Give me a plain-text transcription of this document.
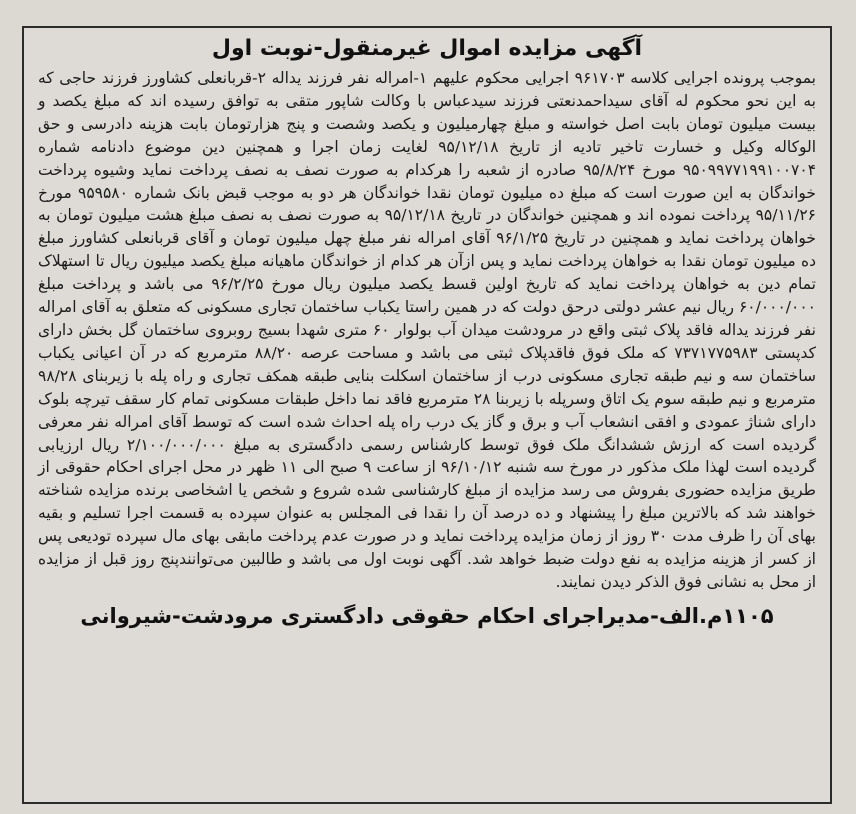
آگهی مزایده اموال غیرمنقول-نوبت اول

بموجب پرونده اجرایی کلاسه ۹۶۱۷۰۳ اجرایی محکوم علیهم ۱-امراله نفر فرزند یداله ۲-قربانعلی کشاورز فرزند حاجی که به این نحو محکوم له آقای سیداحمدنعتی فرزند سیدعباس با وکالت شاپور متقی به توافق رسیده اند که مبلغ یکصد و بیست میلیون تومان بابت اصل خواسته و مبلغ چهارمیلیون و یکصد وشصت و پنج هزارتومان بابت هزینه دادرسی و حق الوکاله وکیل و خسارت تاخیر تادیه از تاریخ ۹۵/۱۲/۱۸ لغایت زمان اجرا و همچنین دین موضوع دادنامه شماره ۹۵۰۹۹۷۷۱۹۹۱۰۰۷۰۴ مورخ ۹۵/۸/۲۴ صادره از شعبه را هرکدام به صورت نصف به نصف پرداخت نماید وشیوه پرداخت خواندگان به این صورت است که مبلغ ده میلیون تومان نقدا خواندگان هر دو به موجب قبض بانک شماره ۹۵۹۵۸۰ مورخ ۹۵/۱۱/۲۶ پرداخت نموده اند و همچنین خواندگان در تاریخ ۹۵/۱۲/۱۸ به صورت نصف به نصف مبلغ هشت میلیون تومان به خواهان پرداخت نماید و همچنین در تاریخ ۹۶/۱/۲۵ آقای امراله نفر مبلغ چهل میلیون تومان و آقای قربانعلی کشاورز مبلغ ده میلیون تومان نقدا به خواهان پرداخت نماید و پس ازآن هر کدام از خواندگان ماهیانه مبلغ یکصد میلیون ریال تا استهلاک تمام دین به خواهان پرداخت نماید که تاریخ اولین قسط یکصد میلیون ریال مورخ ۹۶/۲/۲۵ می باشد و پرداخت مبلغ ۶۰/۰۰۰/۰۰۰ ریال نیم عشر دولتی درحق دولت که در همین راستا یکباب ساختمان تجاری مسکونی که متعلق به آقای امراله نفر فرزند یداله فاقد پلاک ثبتی واقع در مرودشت میدان آب بولوار ۶۰ متری شهدا بسیج روبروی ساختمان گل بخش دارای کدپستی ۷۳۷۱۷۷۵۹۸۳ که ملک فوق فاقدپلاک ثبتی می باشد و مساحت عرصه ۸۸/۲۰ مترمربع که در آن اعیانی یکباب ساختمان سه و نیم طبقه تجاری مسکونی درب از ساختمان اسکلت بنایی طبقه همکف تجاری و راه پله با زیربنای ۹۸/۲۸ مترمربع و نیم طبقه سوم یک اتاق وسرپله با زیربنا ۲۸ مترمربع فاقد نما داخل طبقات مسکونی تمام کار سقف تیرچه بلوک دارای شناژ عمودی و افقی انشعاب آب و برق و گاز یک درب راه پله احداث شده است که توسط آقای امراله نفر معرفی گردیده است که ارزش ششدانگ ملک فوق توسط کارشناس رسمی دادگستری به مبلغ ۲/۱۰۰/۰۰۰/۰۰۰ ریال ارزیابی گردیده است لهذا ملک مذکور در مورخ سه شنبه ۹۶/۱۰/۱۲ از ساعت ۹ صبح الی ۱۱ ظهر در محل اجرای احکام حقوقی از طریق مزایده حضوری بفروش می رسد مزایده از مبلغ کارشناسی شده شروع و شخص یا اشخاصی برنده مزایده شناخته خواهند شد که بالاترین مبلغ را پیشنهاد و ده درصد آن را نقدا فی المجلس به عنوان سپرده به قسمت اجرا تسلیم و بقیه بهای آن را ظرف مدت ۳۰ روز از زمان مزایده پرداخت نماید و در صورت عدم پرداخت مابقی بهای مال سپرده تودیعی پس از کسر از هزینه مزایده به نفع دولت ضبط خواهد شد. آگهی نوبت اول می باشد و طالبین می‌توانندپنج روز قبل از مزایده از محل به نشانی فوق الذکر دیدن نمایند.

۱۱۰۵م.الف-مدیراجرای احکام حقوقی دادگستری مرودشت-شیروانی
